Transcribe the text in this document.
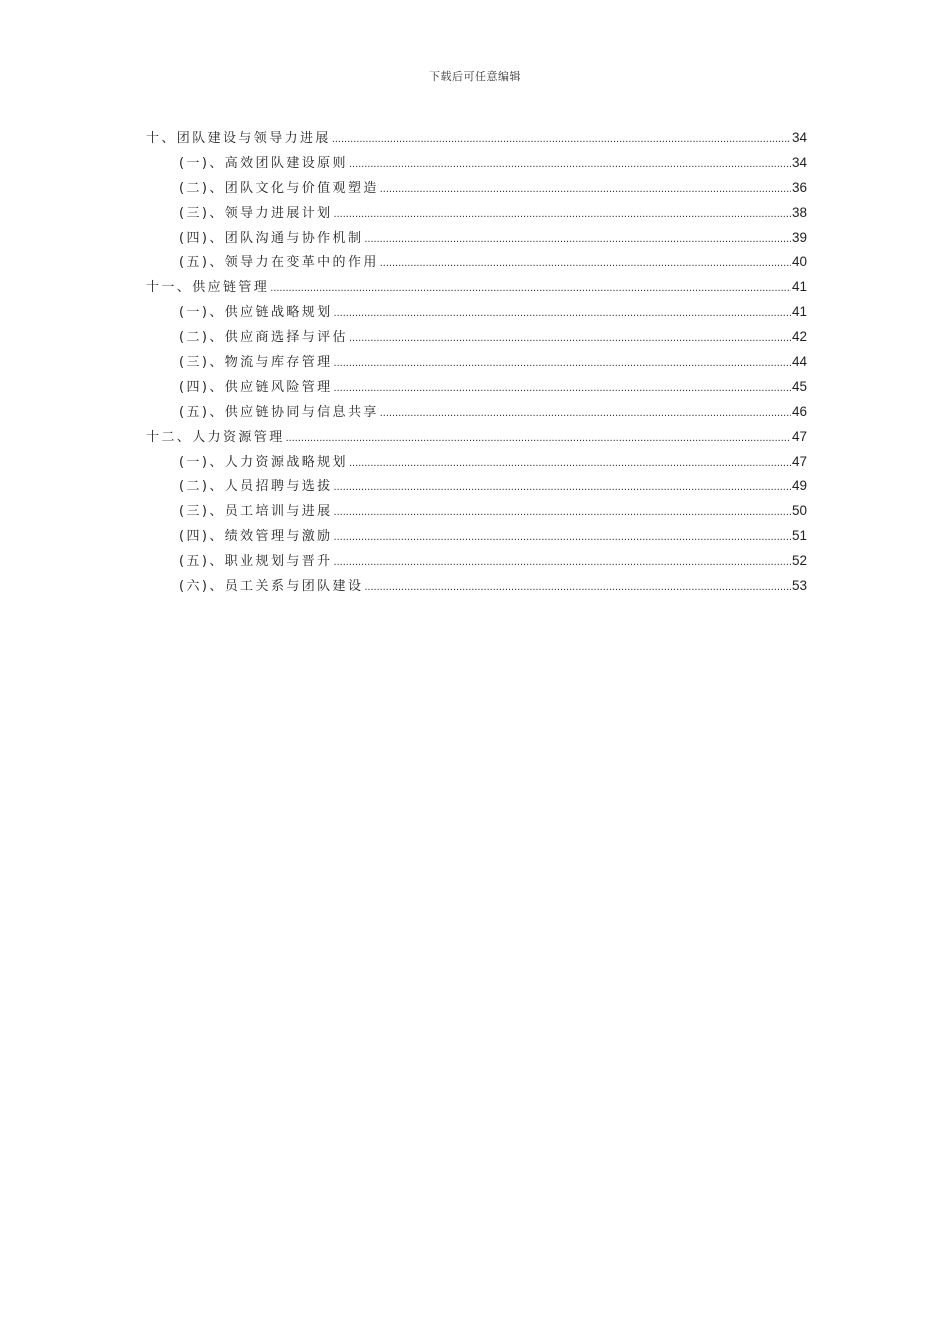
下载后可任意编辑
十、团队建设与领导力进展 .....	34
(一)、高效团队建设原则 .....	34
(二)、团队文化与价值观塑造 .....	36
(三)、领导力进展计划 .....	38
(四)、团队沟通与协作机制 .....	39
(五)、领导力在变革中的作用 .....	40
十一、供应链管理 .....	41
(一)、供应链战略规划 .....	41
(二)、供应商选择与评估 .....	42
(三)、物流与库存管理 .....	44
(四)、供应链风险管理 .....	45
(五)、供应链协同与信息共享 .....	46
十二、人力资源管理 .....	47
(一)、人力资源战略规划 .....	47
(二)、人员招聘与选拔 .....	49
(三)、员工培训与进展 .....	50
(四)、绩效管理与激励 .....	51
(五)、职业规划与晋升 .....	52
(六)、员工关系与团队建设 .....	53
